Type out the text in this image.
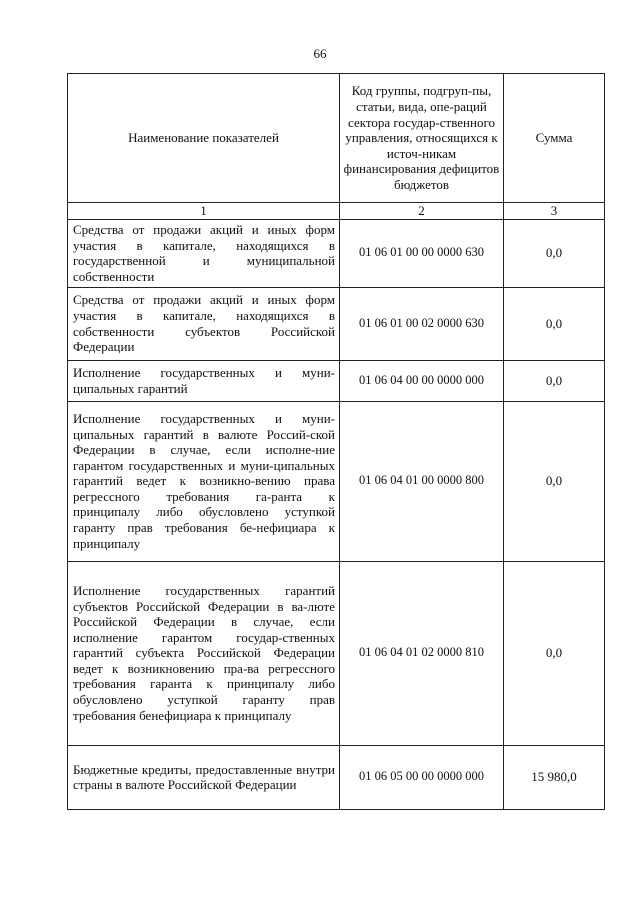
66
Наименование показателей	Код группы, подгруп-пы, статьи, вида, опе-раций сектора государ-ственного управления, относящихся к источ-никам финансирования дефицитов бюджетов	Сумма
1	2	3
Средства от продажи акций и иных форм участия в капитале, находящихся в государственной и муниципальной собственности	01 06 01 00 00 0000 630	0,0
Средства от продажи акций и иных форм участия в капитале, находящихся в собственности субъектов Российской Федерации	01 06 01 00 02 0000 630	0,0
Исполнение государственных и муни-ципальных гарантий	01 06 04 00 00 0000 000	0,0
Исполнение государственных и муни-ципальных гарантий в валюте Россий-ской Федерации в случае, если исполне-ние гарантом государственных и муни-ципальных гарантий ведет к возникно-вению права регрессного требования га-ранта к принципалу либо обусловлено уступкой гаранту прав требования бе-нефициара к принципалу	01 06 04 01 00 0000 800	0,0
Исполнение государственных гарантий субъектов Российской Федерации в ва-люте Российской Федерации в случае, если исполнение гарантом государ-ственных гарантий субъекта Российской Федерации ведет к возникновению пра-ва регрессного требования гаранта к принципалу либо обусловлено уступкой гаранту прав требования бенефициара к принципалу	01 06 04 01 02 0000 810	0,0
Бюджетные кредиты, предоставленные внутри страны в валюте Российской Федерации	01 06 05 00 00 0000 000	15 980,0
